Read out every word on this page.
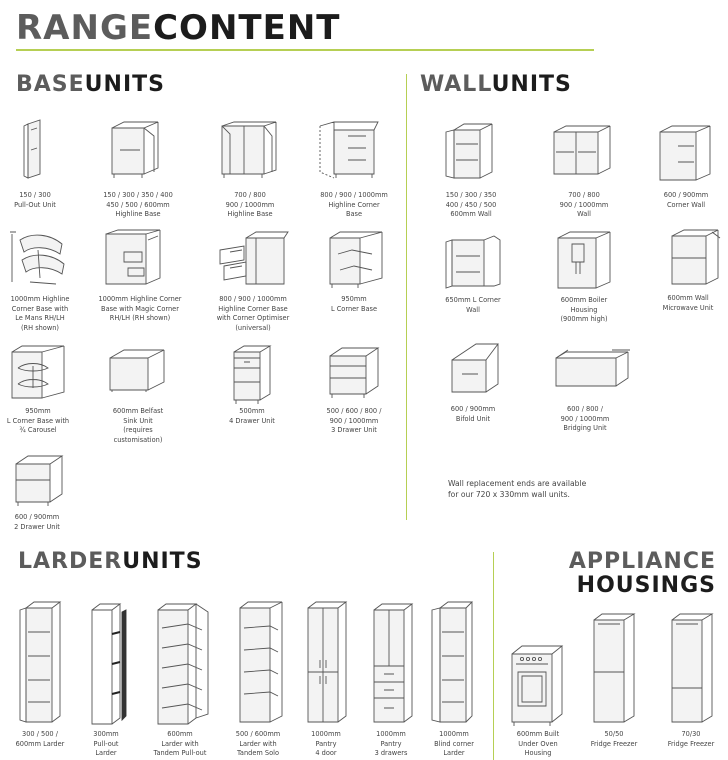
RANGECONTENT
BASEUNITS	WALLUNITS
LARDERUNITS	APPLIANCE
HOUSINGS
150 / 300
Pull-Out Unit
150 / 300 / 350 / 400
450 / 500 / 600mm
Highline Base
700 / 800
900 / 1000mm
Highline Base
800 / 900 / 1000mm
Highline Corner
Base
1000mm Highline
Corner Base with
Le Mans RH/LH
(RH shown)
1000mm Highline Corner
Base with Magic Corner
RH/LH (RH shown)
800 / 900 / 1000mm
Highline Corner Base
with Corner Optimiser
(universal)
950mm
L Corner Base
950mm
L Corner Base with
¾ Carousel
600mm Belfast
Sink Unit
(requires
customisation)
500mm
4 Drawer Unit
500 / 600 / 800 /
900 / 1000mm
3 Drawer Unit
600 / 900mm
2 Drawer Unit
150 / 300 / 350
400 / 450 / 500
600mm Wall
700 / 800
900 / 1000mm
Wall
600 / 900mm
Corner Wall
650mm L Corner
Wall
600mm Boiler
Housing
(900mm high)
600mm Wall
Microwave Unit
600 / 900mm
Bifold Unit
600 / 800 /
900 / 1000mm
Bridging Unit
Wall replacement ends are available
for our 720 x 330mm wall units.
300 / 500 /
600mm Larder
300mm
Pull-out
Larder
600mm
Larder with
Tandem Pull-out
500 / 600mm
Larder with
Tandem Solo
1000mm
Pantry
4 door
1000mm
Pantry
3 drawers
1000mm
Blind corner
Larder
600mm Built
Under Oven
Housing
50/50
Fridge Freezer
70/30
Fridge Freezer
